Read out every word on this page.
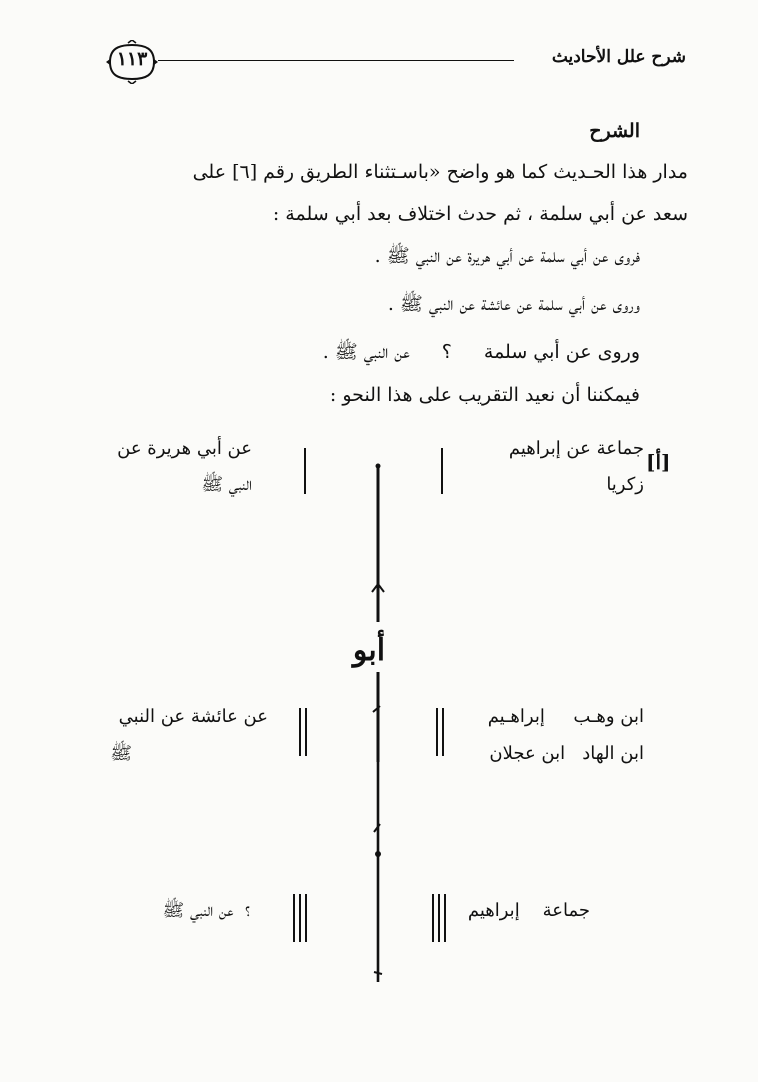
شرح علل الأحاديث
١١٣
الشرح
مدار هذا الحـديث كما هو واضح «باسـتثناء الطريق رقم [٦] على
سعد عن أبي سلمة ، ثم حدث اختلاف بعد أبي سلمة :
فروى عن أبي سلمة عن أبي هريرة عن النبي ﷺ .
وروى عن أبي سلمة عن عائشة عن النبي ﷺ .
وروى عن أبي سلمة؟عن النبي ﷺ .
فيمكننا أن نعيد التقريب على هذا النحو :
[أ]
أبو
جماعة عن إبراهيم
زكريا
عن أبي هريرة عن
النبي ﷺ
ابن وهـب     إبراهـيم
ابن الهاد   ابن عجلان
عن عائشة عن النبي
ﷺ
جماعة    إبراهيم
؟  عن النبي ﷺ
